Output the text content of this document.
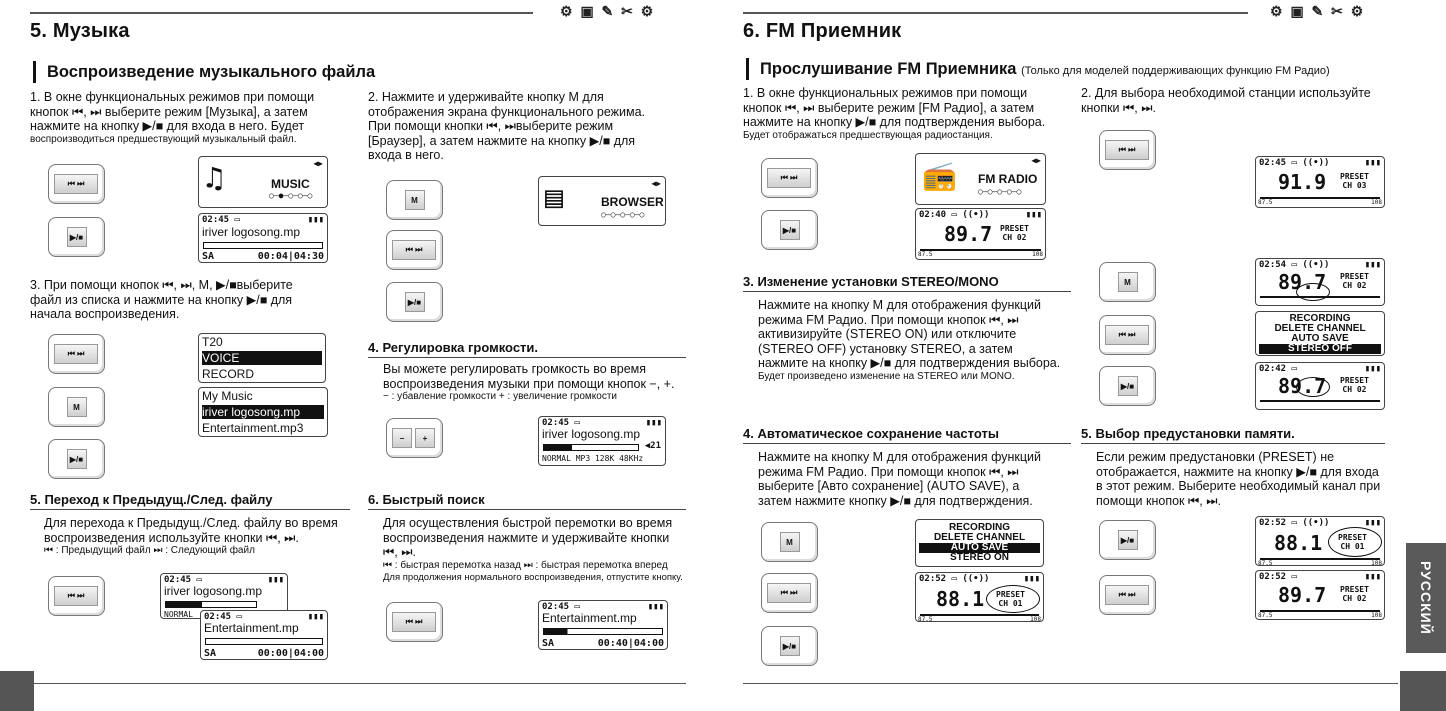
⚙ ▣ ✎ ✂ ⚙	⚙ ▣ ✎ ✂ ⚙
5. Музыка
Воспроизведение музыкального файла
1. В окне функциональных режимов при помощи
кнопок ⏮, ⏭ выберите режим [Музыка], а затем
нажмите на кнопку ▶/■ для входа в него. Будет
воспроизводиться предшествующий музыкальный файл.
⏮ ⏭
▶/■
♫	MUSIC
○—●—○—○—○
◀▶
02:45 ▭	▮▮▮
iriver logosong.mp
SA	00:04|04:30
2. Нажмите и удерживайте кнопку M для
отображения экрана функционального режима.
При помощи кнопки ⏮, ⏭выберите режим
[Браузер], а затем нажмите на кнопку ▶/■ для
входа в него.
M
⏮ ⏭
▶/■
▤	BROWSER
○—○—○—○—○
◀▶
3. При помощи кнопок ⏮, ⏭, M, ▶/■выберите
файл из списка и нажмите на кнопку ▶/■ для
начала воспроизведения.
⏮ ⏭
M
▶/■
T20
VOICE
RECORD
My Music
iriver logosong.mp
Entertainment.mp3
4. Регулировка громкости.
Вы можете регулировать громкость во время
воспроизведения музыки при помощи кнопок −, +.
− : убавление громкости + : увеличение громкости
−	+
02:45 ▭	▮▮▮
iriver logosong.mp
◀21
NORMAL MP3 128K 48KHz
5. Переход к Предыдущ./След. файлу
Для перехода к Предыдущ./След. файлу во время
воспроизведения используйте кнопки ⏮, ⏭.
⏮ : Предыдущий файл ⏭ : Следующий файл
⏮ ⏭
02:45 ▭	▮▮▮
iriver logosong.mp
NORMAL	02:45 ▭	▮▮▮
Entertainment.mp
SA	00:00|04:00
6. Быстрый поиск
Для осуществления быстрой перемотки во время
воспроизведения нажмите и удерживайте кнопки
⏮, ⏭.
⏮ : быстрая перемотка назад ⏭ : быстрая перемотка вперед
Для продолжения нормального воспроизведения, отпустите кнопку.
⏮ ⏭
02:45 ▭	▮▮▮
Entertainment.mp
SA	00:40|04:00
6. FM Приемник
Прослушивание FM Приемника (Только для моделей поддерживающих функцию FM Радио)
1. В окне функциональных режимов при помощи
кнопок ⏮, ⏭ выберите режим [FM Радио], а затем
нажмите на кнопку ▶/■ для подтверждения выбора.
Будет отображаться предшествующая радиостанция.
⏮ ⏭
▶/■
📻 FM RADIO
○—○—○—○—○
◀▶
02:40 ▭ ((•))	▮▮▮
89.7 PRESET
CH 02
87.5	108
2. Для выбора необходимой станции используйте
кнопки ⏮, ⏭.
⏮ ⏭
02:45 ▭ ((•))	▮▮▮
91.9 PRESET
CH 03
87.5	108
3. Изменение установки STEREO/MONO
Нажмите на кнопку M для отображения функций
режима FM Радио. При помощи кнопок ⏮, ⏭
активизируйте (STEREO ON) или отключите
(STEREO OFF) установку STEREO, а затем
нажмите на кнопку ▶/■ для подтверждения выбора.
Будет произведено изменение на STEREO или MONO.
M
⏮ ⏭
▶/■
02:54 ▭ ((•))	▮▮▮
89.7 PRESET
CH 02
RECORDING
DELETE CHANNEL
AUTO SAVE
STEREO OFF
02:42 ▭	▮▮▮
89.7 PRESET
CH 02
4. Автоматическое сохранение частоты
Нажмите на кнопку M для отображения функций
режима FM Радио. При помощи кнопок ⏮, ⏭
выберите [Авто сохранение] (AUTO SAVE), а
затем нажмите кнопку ▶/■ для подтверждения.
M
⏮ ⏭
▶/■
RECORDING
DELETE CHANNEL
AUTO SAVE
STEREO ON
02:52 ▭ ((•))	▮▮▮
88.1 PRESET
CH 01
87.5	108
5. Выбор предустановки памяти.
Если режим предустановки (PRESET) не
отображается, нажмите на кнопку ▶/■ для входа
в этот режим. Выберите необходимый канал при
помощи кнопок ⏮, ⏭.
▶/■
⏮ ⏭
02:52 ▭ ((•))	▮▮▮
88.1 PRESET
CH 01
87.5	108
02:52 ▭	▮▮▮
89.7 PRESET
CH 02
87.5	108	РУССКИЙ
